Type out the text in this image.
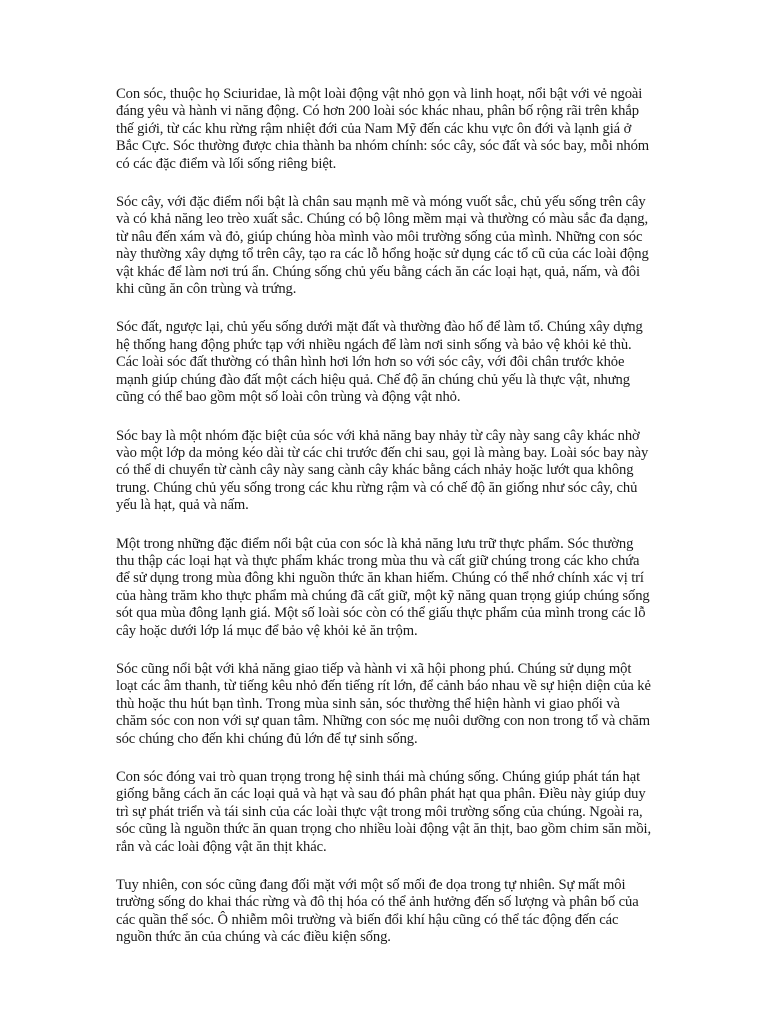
Con sóc, thuộc họ Sciuridae, là một loài động vật nhỏ gọn và linh hoạt, nổi bật với vẻ ngoài đáng yêu và hành vi năng động. Có hơn 200 loài sóc khác nhau, phân bố rộng rãi trên khắp thế giới, từ các khu rừng rậm nhiệt đới của Nam Mỹ đến các khu vực ôn đới và lạnh giá ở Bắc Cực. Sóc thường được chia thành ba nhóm chính: sóc cây, sóc đất và sóc bay, mỗi nhóm có các đặc điểm và lối sống riêng biệt.

Sóc cây, với đặc điểm nổi bật là chân sau mạnh mẽ và móng vuốt sắc, chủ yếu sống trên cây và có khả năng leo trèo xuất sắc. Chúng có bộ lông mềm mại và thường có màu sắc đa dạng, từ nâu đến xám và đỏ, giúp chúng hòa mình vào môi trường sống của mình. Những con sóc này thường xây dựng tổ trên cây, tạo ra các lỗ hổng hoặc sử dụng các tổ cũ của các loài động vật khác để làm nơi trú ẩn. Chúng sống chủ yếu bằng cách ăn các loại hạt, quả, nấm, và đôi khi cũng ăn côn trùng và trứng.

Sóc đất, ngược lại, chủ yếu sống dưới mặt đất và thường đào hố để làm tổ. Chúng xây dựng hệ thống hang động phức tạp với nhiều ngách để làm nơi sinh sống và bảo vệ khỏi kẻ thù. Các loài sóc đất thường có thân hình hơi lớn hơn so với sóc cây, với đôi chân trước khỏe mạnh giúp chúng đào đất một cách hiệu quả. Chế độ ăn chúng chủ yếu là thực vật, nhưng cũng có thể bao gồm một số loài côn trùng và động vật nhỏ.

Sóc bay là một nhóm đặc biệt của sóc với khả năng bay nhảy từ cây này sang cây khác nhờ vào một lớp da mỏng kéo dài từ các chi trước đến chi sau, gọi là màng bay. Loài sóc bay này có thể di chuyển từ cành cây này sang cành cây khác bằng cách nhảy hoặc lướt qua không trung. Chúng chủ yếu sống trong các khu rừng rậm và có chế độ ăn giống như sóc cây, chủ yếu là hạt, quả và nấm.

Một trong những đặc điểm nổi bật của con sóc là khả năng lưu trữ thực phẩm. Sóc thường thu thập các loại hạt và thực phẩm khác trong mùa thu và cất giữ chúng trong các kho chứa để sử dụng trong mùa đông khi nguồn thức ăn khan hiếm. Chúng có thể nhớ chính xác vị trí của hàng trăm kho thực phẩm mà chúng đã cất giữ, một kỹ năng quan trọng giúp chúng sống sót qua mùa đông lạnh giá. Một số loài sóc còn có thể giấu thực phẩm của mình trong các lỗ cây hoặc dưới lớp lá mục để bảo vệ khỏi kẻ ăn trộm.

Sóc cũng nổi bật với khả năng giao tiếp và hành vi xã hội phong phú. Chúng sử dụng một loạt các âm thanh, từ tiếng kêu nhỏ đến tiếng rít lớn, để cảnh báo nhau về sự hiện diện của kẻ thù hoặc thu hút bạn tình. Trong mùa sinh sản, sóc thường thể hiện hành vi giao phối và chăm sóc con non với sự quan tâm. Những con sóc mẹ nuôi dưỡng con non trong tổ và chăm sóc chúng cho đến khi chúng đủ lớn để tự sinh sống.

Con sóc đóng vai trò quan trọng trong hệ sinh thái mà chúng sống. Chúng giúp phát tán hạt giống bằng cách ăn các loại quả và hạt và sau đó phân phát hạt qua phân. Điều này giúp duy trì sự phát triển và tái sinh của các loài thực vật trong môi trường sống của chúng. Ngoài ra, sóc cũng là nguồn thức ăn quan trọng cho nhiều loài động vật ăn thịt, bao gồm chim săn mồi, rắn và các loài động vật ăn thịt khác.

Tuy nhiên, con sóc cũng đang đối mặt với một số mối đe dọa trong tự nhiên. Sự mất môi trường sống do khai thác rừng và đô thị hóa có thể ảnh hưởng đến số lượng và phân bố của các quần thể sóc. Ô nhiễm môi trường và biến đổi khí hậu cũng có thể tác động đến các nguồn thức ăn của chúng và các điều kiện sống.
